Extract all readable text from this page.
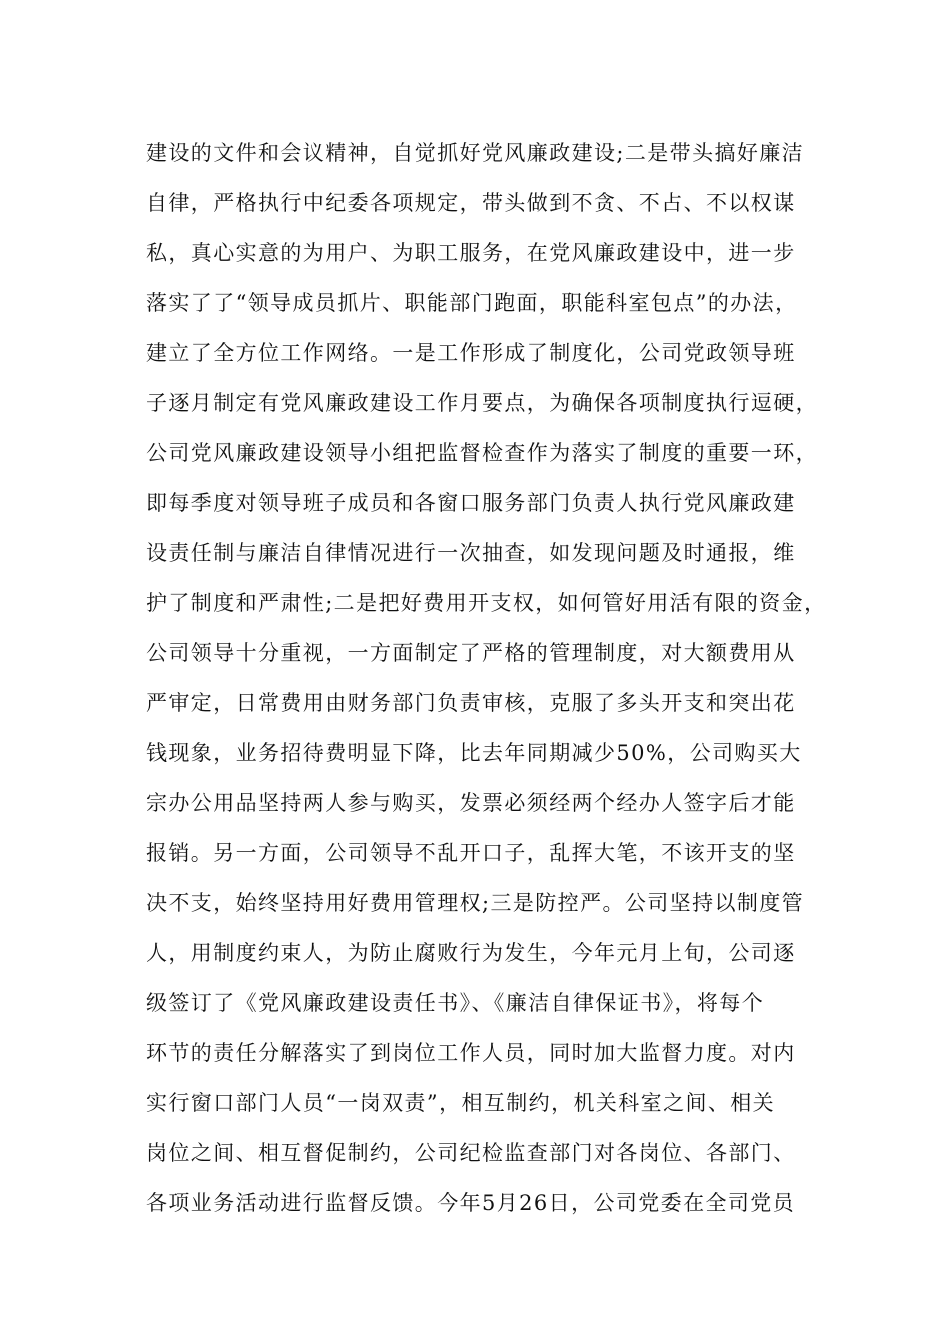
建设的文件和会议精神，自觉抓好党风廉政建设;二是带头搞好廉洁
自律，严格执行中纪委各项规定，带头做到不贪、不占、不以权谋
私，真心实意的为用户、为职工服务，在党风廉政建设中，进一步
落实了了“领导成员抓片、职能部门跑面，职能科室包点”的办法，
建立了全方位工作网络。一是工作形成了制度化，公司党政领导班
子逐月制定有党风廉政建设工作月要点，为确保各项制度执行逗硬，
公司党风廉政建设领导小组把监督检查作为落实了制度的重要一环，
即每季度对领导班子成员和各窗口服务部门负责人执行党风廉政建
设责任制与廉洁自律情况进行一次抽查，如发现问题及时通报，维
护了制度和严肃性;二是把好费用开支权，如何管好用活有限的资金，
公司领导十分重视，一方面制定了严格的管理制度，对大额费用从
严审定，日常费用由财务部门负责审核，克服了多头开支和突出花
钱现象，业务招待费明显下降，比去年同期减少50%，公司购买大
宗办公用品坚持两人参与购买，发票必须经两个经办人签字后才能
报销。另一方面，公司领导不乱开口子，乱挥大笔，不该开支的坚
决不支，始终坚持用好费用管理权;三是防控严。公司坚持以制度管
人，用制度约束人，为防止腐败行为发生，今年元月上旬，公司逐
级签订了《党风廉政建设责任书》、《廉洁自律保证书》，将每个
环节的责任分解落实了到岗位工作人员，同时加大监督力度。对内
实行窗口部门人员“一岗双责”，相互制约，机关科室之间、相关
岗位之间、相互督促制约，公司纪检监查部门对各岗位、各部门、
各项业务活动进行监督反馈。今年5月26日，公司党委在全司党员
